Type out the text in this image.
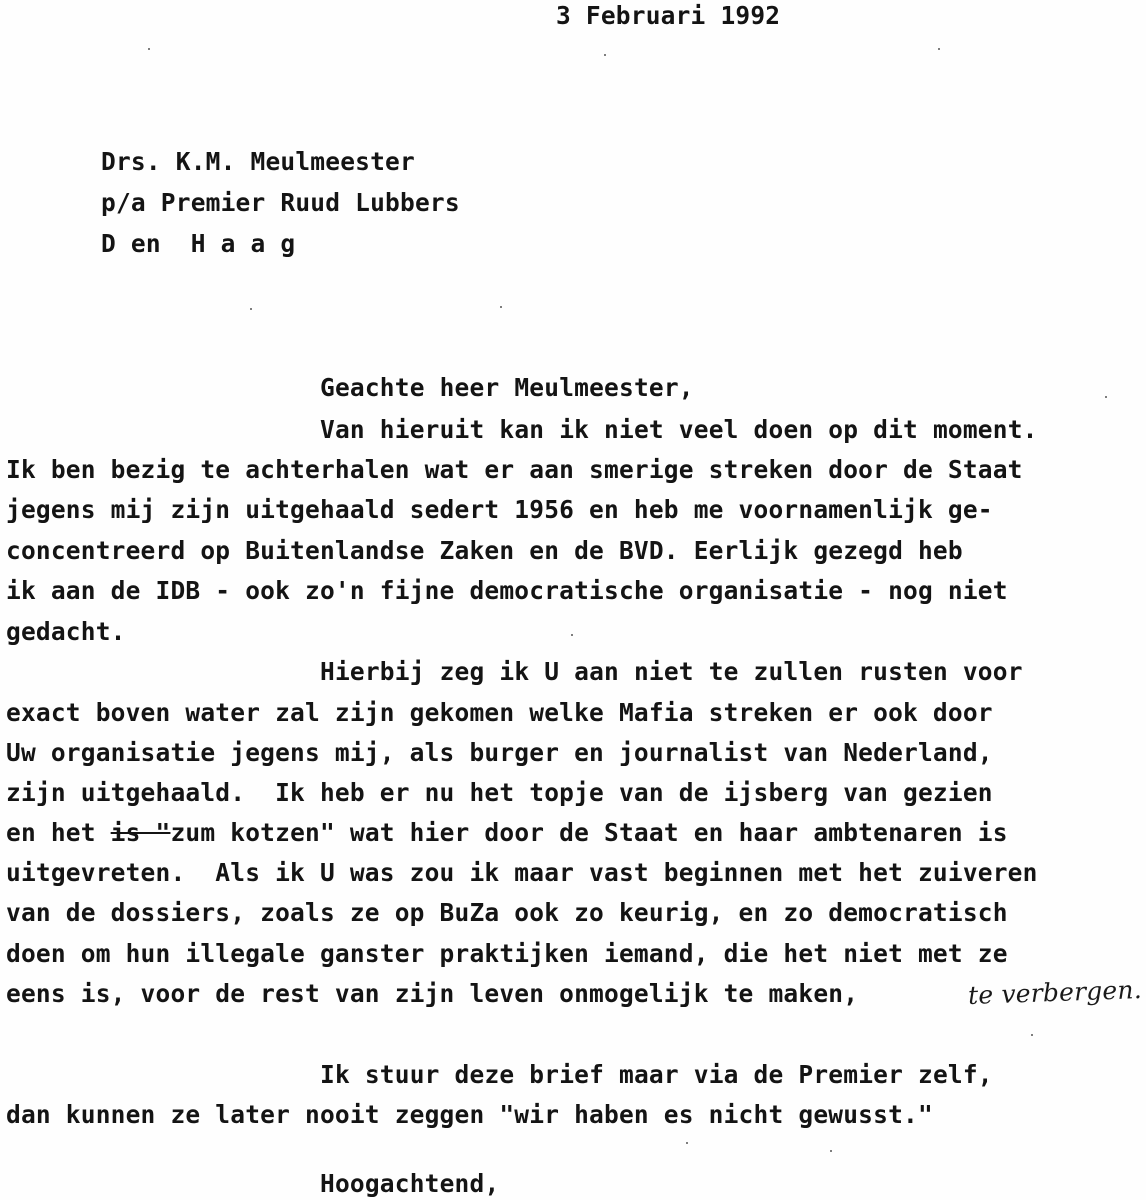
3 Februari 1992
Drs. K.M. Meulmeester
p/a Premier Ruud Lubbers
D en  H a a g
Geachte heer Meulmeester,
Van hieruit kan ik niet veel doen op dit moment.
Ik ben bezig te achterhalen wat er aan smerige streken door de Staat
jegens mij zijn uitgehaald sedert 1956 en heb me voornamenlijk ge-
concentreerd op Buitenlandse Zaken en de BVD. Eerlijk gezegd heb
ik aan de IDB - ook zo'n fijne democratische organisatie - nog niet
gedacht.
Hierbij zeg ik U aan niet te zullen rusten voor
exact boven water zal zijn gekomen welke Mafia streken er ook door
Uw organisatie jegens mij, als burger en journalist van Nederland,
zijn uitgehaald.  Ik heb er nu het topje van de ijsberg van gezien
en het is "zum kotzen" wat hier door de Staat en haar ambtenaren is
uitgevreten.  Als ik U was zou ik maar vast beginnen met het zuiveren
van de dossiers, zoals ze op BuZa ook zo keurig, en zo democratisch
doen om hun illegale ganster praktijken iemand, die het niet met ze
eens is, voor de rest van zijn leven onmogelijk te maken,	te verbergen.
Ik stuur deze brief maar via de Premier zelf,
dan kunnen ze later nooit zeggen "wir haben es nicht gewusst."
Hoogachtend,
